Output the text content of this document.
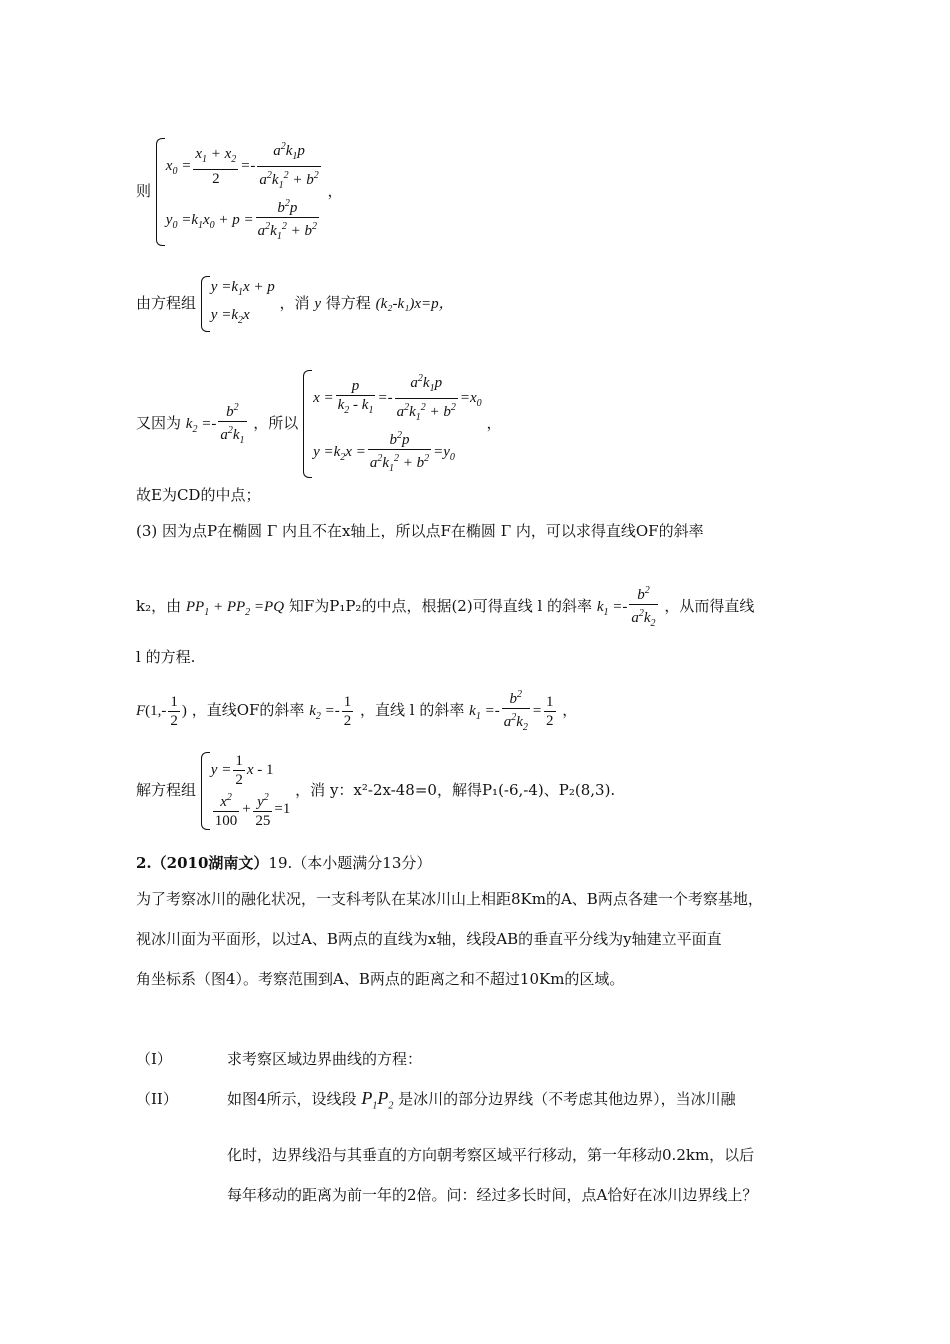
则
$x_0 = \frac{x_1 + x_2}{2} =- \frac{a^2k_1p}{a^2k_1^2 + b^2}$
$y_0 =k_1x_0 + p = \frac{b^2p}{a^2k_1^2 + b^2}$
，
由方程组
$y =k_1x + p$
$y =k_2x$
，消 y 得方程 (k₂-k₁)x=p，
又因为 $k_2 =- \frac{b^2}{a^2k_1}$ ，所以
$x = \frac{p}{k_2 - k_1} =- \frac{a^2k_1p}{a^2k_1^2 + b^2} =x_0$
$y =k_2x = \frac{b^2p}{a^2k_1^2 + b^2} =y_0$
，
故E为CD的中点；
(3) 因为点P在椭圆 Γ 内且不在x轴上，所以点F在椭圆 Γ 内，可以求得直线OF的斜率
k₂，由 $PP_1 + PP_2 =PQ$ 知F为P₁P₂的中点，根据(2)可得直线 l 的斜率 $k_1 =- \frac{b^2}{a^2k_2}$ ，从而得直线
l 的方程.
$F(1,- \frac{1}{2}$ ) ，直线OF的斜率 $k_2 =- \frac{1}{2}$ ，直线 l 的斜率 $k_1 =- \frac{b^2}{a^2k_2} = \frac{1}{2}$ ，
解方程组
$y = \frac{1}{2}$ x - 1
$\frac{x^2}{100} + \frac{y^2}{25} =1$
，消 y：x²-2x-48=0，解得P₁(-6,-4)、P₂(8,3).
2.（2010湖南文）19.（本小题满分13分）
为了考察冰川的融化状况，一支科考队在某冰川山上相距8Km的A、B两点各建一个考察基地，
视冰川面为平面形，以过A、B两点的直线为x轴，线段AB的垂直平分线为y轴建立平面直
角坐标系（图4）。考察范围到A、B两点的距离之和不超过10Km的区域。
（I）	求考察区域边界曲线的方程：
（II）	如图4所示，设线段 $P_1P_2$ 是冰川的部分边界线（不考虑其他边界），当冰川融
化时，边界线沿与其垂直的方向朝考察区域平行移动，第一年移动0.2km，以后
每年移动的距离为前一年的2倍。问：经过多长时间，点A恰好在冰川边界线上？
